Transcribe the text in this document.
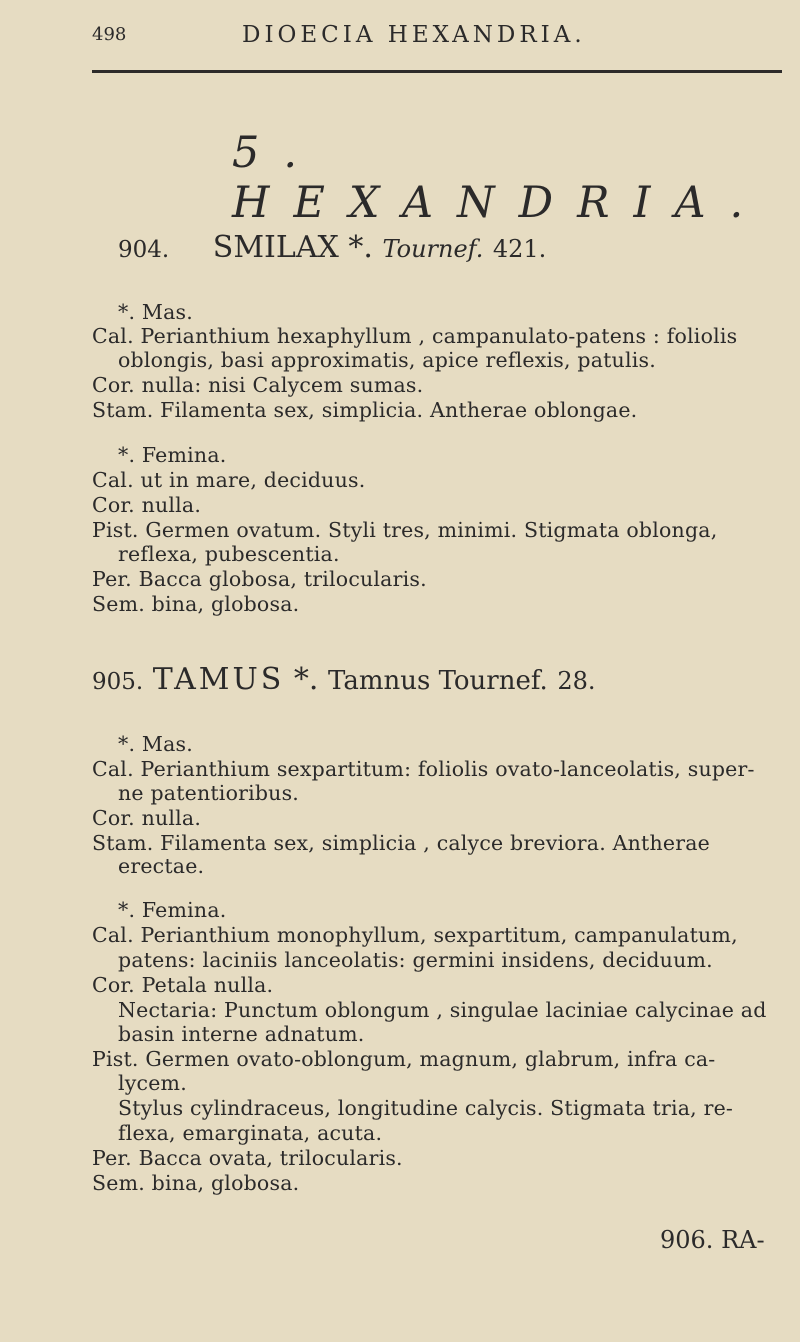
498	DIOECIA HEXANDRIA.
5. HEXANDRIA.
904. SMILAX *. Tournef. 421.
*. Mas.
Cal. Perianthium hexaphyllum , campanulato-patens : foliolis
oblongis, basi approximatis, apice reflexis, patulis.
Cor. nulla: nisi Calycem sumas.
Stam. Filamenta sex, simplicia. Antherae oblongae.
*. Femina.
Cal. ut in mare, deciduus.
Cor. nulla.
Pist. Germen ovatum. Styli tres, minimi. Stigmata oblonga,
reflexa, pubescentia.
Per. Bacca globosa, trilocularis.
Sem. bina, globosa.
905. TAMUS *. Tamnus Tournef. 28.
*. Mas.
Cal. Perianthium sexpartitum: foliolis ovato-lanceolatis, super-
ne patentioribus.
Cor. nulla.
Stam. Filamenta sex, simplicia , calyce breviora. Antherae
erectae.
*. Femina.
Cal. Perianthium monophyllum, sexpartitum, campanulatum,
patens: laciniis lanceolatis: germini insidens, deciduum.
Cor. Petala nulla.
Nectaria: Punctum oblongum , singulae laciniae calycinae ad
basin interne adnatum.
Pist. Germen ovato-oblongum, magnum, glabrum, infra ca-
lycem.
Stylus cylindraceus, longitudine calycis. Stigmata tria, re-
flexa, emarginata, acuta.
Per. Bacca ovata, trilocularis.
Sem. bina, globosa.
906. RA-
